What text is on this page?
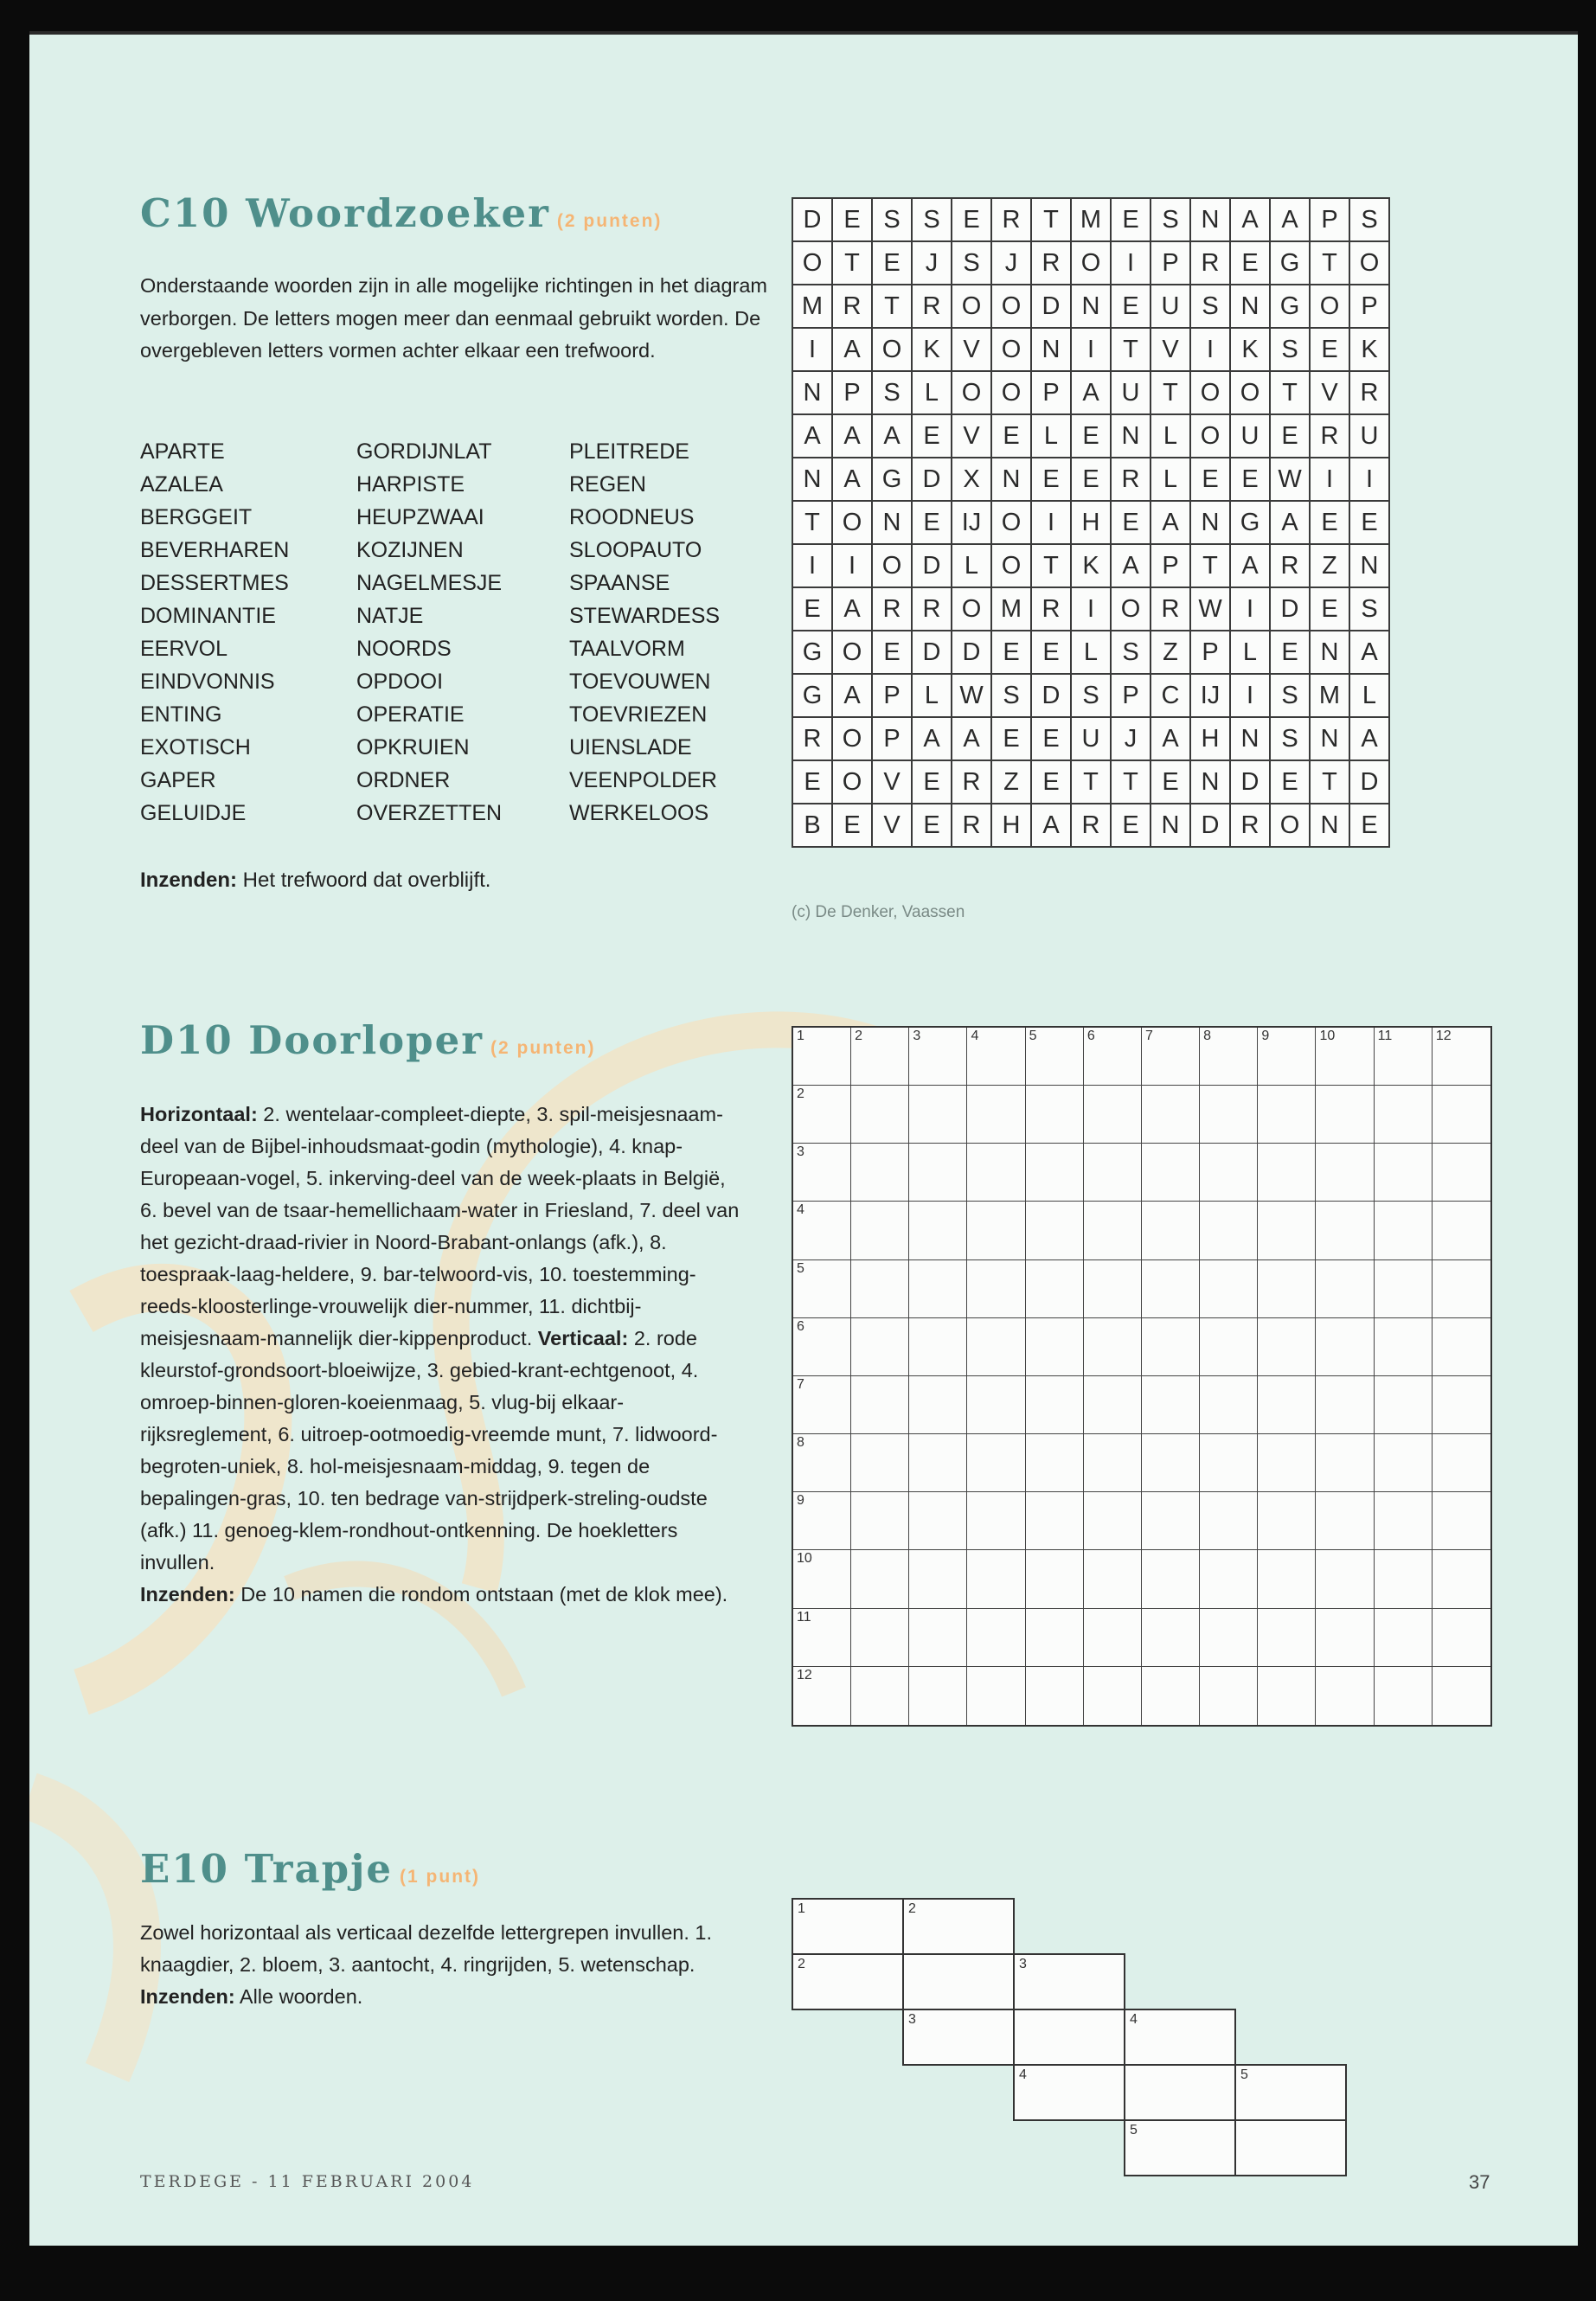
C10 Woordzoeker (2 punten)

Onderstaande woorden zijn in alle mogelijke richtingen in het diagram verborgen. De letters mogen meer dan eenmaal gebruikt worden. De overgebleven letters vormen achter elkaar een trefwoord.

APARTE
AZALEA
BERGGEIT
BEVERHAREN
DESSERTMES
DOMINANTIE
EERVOL
EINDVONNIS
ENTING
EXOTISCH
GAPER
GELUIDJE
GORDIJNLAT
HARPISTE
HEUPZWAAI
KOZIJNEN
NAGELMESJE
NATJE
NOORDS
OPDOOI
OPERATIE
OPKRUIEN
ORDNER
OVERZETTEN
PLEITREDE
REGEN
ROODNEUS
SLOOPAUTO
SPAANSE
STEWARDESS
TAALVORM
TOEVOUWEN
TOEVRIEZEN
UIENSLADE
VEENPOLDER
WERKELOOS

Inzenden: Het trefwoord dat overblijft.

D	E	S	S	E	R	T	M	E	S	N	A	A	P	S
O	T	E	J	S	J	R	O	I	P	R	E	G	T	O
M	R	T	R	O	O	D	N	E	U	S	N	G	O	P
I	A	O	K	V	O	N	I	T	V	I	K	S	E	K
N	P	S	L	O	O	P	A	U	T	O	O	T	V	R
A	A	A	E	V	E	L	E	N	L	O	U	E	R	U
N	A	G	D	X	N	E	E	R	L	E	E	W	I	I
T	O	N	E	IJ	O	I	H	E	A	N	G	A	E	E
I	I	O	D	L	O	T	K	A	P	T	A	R	Z	N
E	A	R	R	O	M	R	I	O	R	W	I	D	E	S
G	O	E	D	D	E	E	L	S	Z	P	L	E	N	A
G	A	P	L	W	S	D	S	P	C	IJ	I	S	M	L
R	O	P	A	A	E	E	U	J	A	H	N	S	N	A
E	O	V	E	R	Z	E	T	T	E	N	D	E	T	D
B	E	V	E	R	H	A	R	E	N	D	R	O	N	E

(c) De Denker, Vaassen

D10 Doorloper (2 punten)

Horizontaal: 2. wentelaar-compleet-diepte, 3. spil-meisjesnaam-deel van de Bijbel-inhoudsmaat-godin (mythologie), 4. knap-Europeaan-vogel, 5. inkerving-deel van de week-plaats in België, 6. bevel van de tsaar-hemellichaam-water in Friesland, 7. deel van het gezicht-draad-rivier in Noord-Brabant-onlangs (afk.), 8. toespraak-laag-heldere, 9. bar-telwoord-vis, 10. toestemming-reeds-kloosterlinge-vrouwelijk dier-nummer, 11. dichtbij-meisjesnaam-mannelijk dier-kippenproduct. Verticaal: 2. rode kleurstof-grondsoort-bloeiwijze, 3. gebied-krant-echtgenoot, 4. omroep-binnen-gloren-koeienmaag, 5. vlug-bij elkaar-rijksreglement, 6. uitroep-ootmoedig-vreemde munt, 7. lidwoord-begroten-uniek, 8. hol-meisjesnaam-middag, 9. tegen de bepalingen-gras, 10. ten bedrage van-strijdperk-streling-oudste (afk.) 11. genoeg-klem-rondhout-ontkenning. De hoekletters invullen.
Inzenden: De 10 namen die rondom ontstaan (met de klok mee).

1	2	3	4	5	6	7	8	9	10	11	12
2
3
4
5
6
7
8
9
10
11
12
E10 Trapje (1 punt)

Zowel horizontaal als verticaal dezelfde lettergrepen invullen. 1. knaagdier, 2. bloem, 3. aantocht, 4. ringrijden, 5. wetenschap.
Inzenden: Alle woorden.

1	2
2	3
3	4
4	5
5

TERDEGE - 11 FEBRUARI 2004	37
